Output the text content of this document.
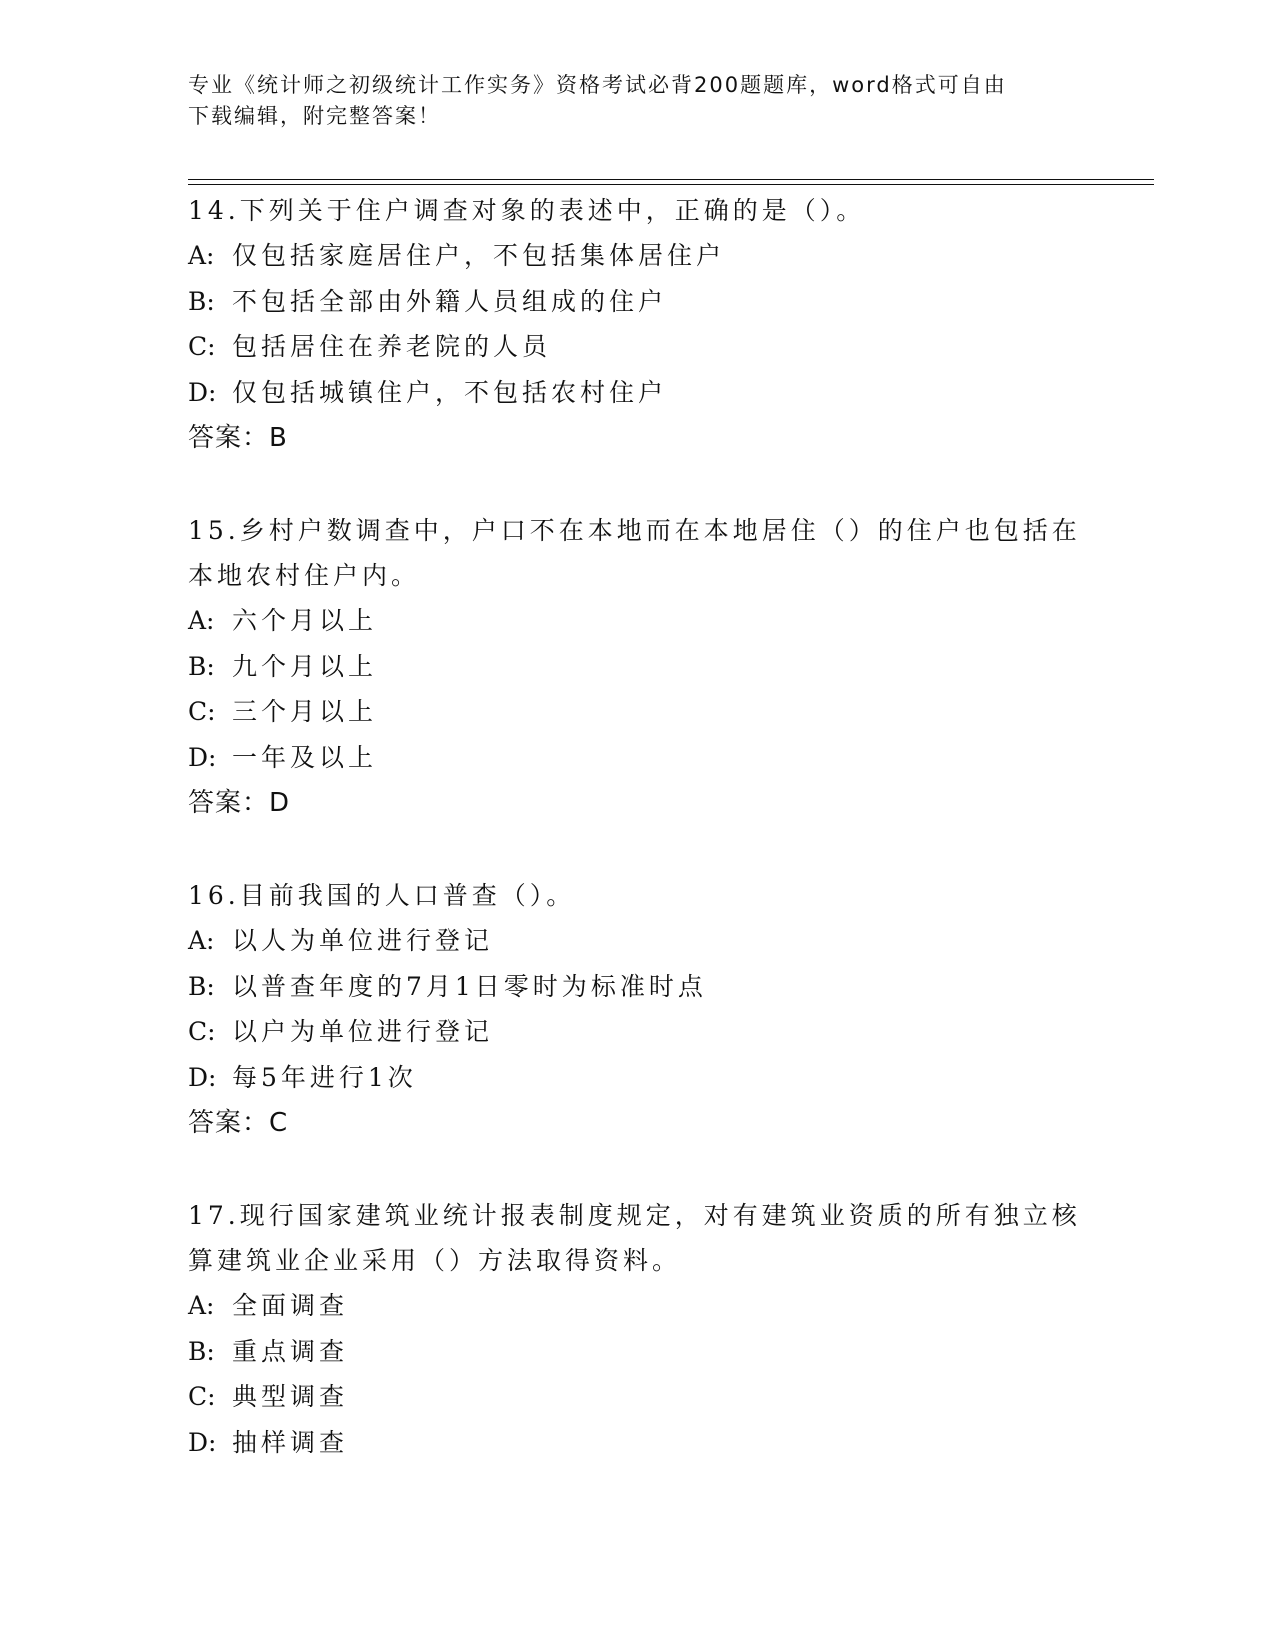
专业《统计师之初级统计工作实务》资格考试必背200题题库，word格式可自由
下载编辑，附完整答案！

14.下列关于住户调查对象的表述中，正确的是（）。

A: 仅包括家庭居住户，不包括集体居住户

B: 不包括全部由外籍人员组成的住户

C: 包括居住在养老院的人员

D: 仅包括城镇住户，不包括农村住户

答案：B

15.乡村户数调查中，户口不在本地而在本地居住（）的住户也包括在本地农村住户内。

A: 六个月以上

B: 九个月以上

C: 三个月以上

D: 一年及以上

答案：D

16.目前我国的人口普查（）。

A: 以人为单位进行登记

B: 以普查年度的7月1日零时为标准时点

C: 以户为单位进行登记

D: 每5年进行1次

答案：C

17.现行国家建筑业统计报表制度规定，对有建筑业资质的所有独立核算建筑业企业采用（）方法取得资料。

A: 全面调查

B: 重点调查

C: 典型调查

D: 抽样调查
